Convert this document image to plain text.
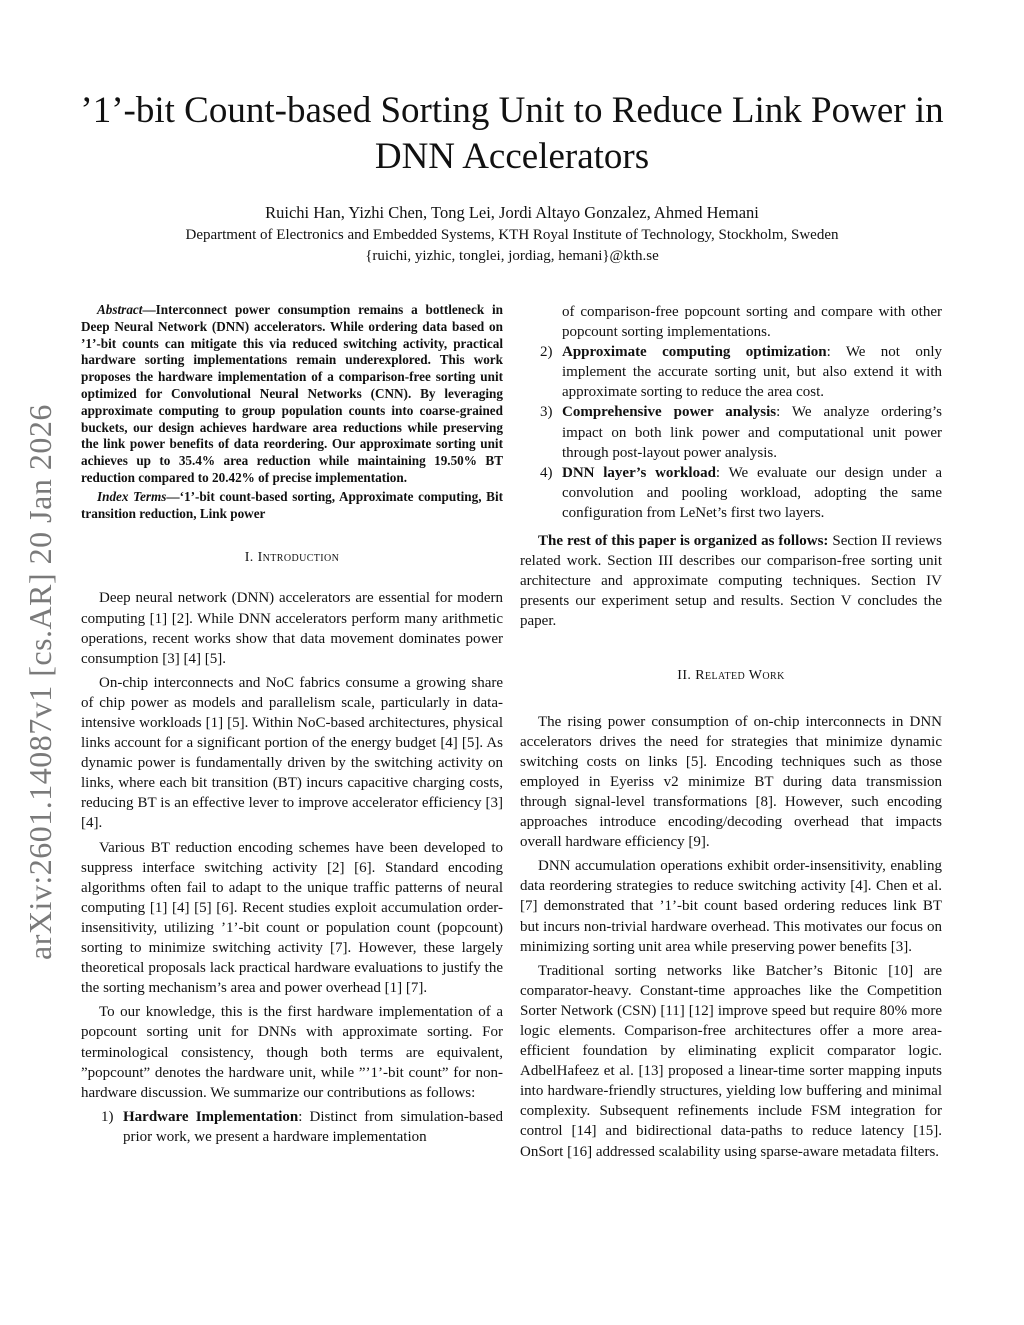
arXiv:2601.14087v1 [cs.AR] 20 Jan 2026
’1’-bit Count-based Sorting Unit to Reduce Link Power in DNN Accelerators
Ruichi Han, Yizhi Chen, Tong Lei, Jordi Altayo Gonzalez, Ahmed Hemani
Department of Electronics and Embedded Systems, KTH Royal Institute of Technology, Stockholm, Sweden
{ruichi, yizhic, tonglei, jordiag, hemani}@kth.se

Abstract—Interconnect power consumption remains a bottleneck in Deep Neural Network (DNN) accelerators. While ordering data based on ’1’-bit counts can mitigate this via reduced switching activity, practical hardware sorting implementations remain underexplored. This work proposes the hardware implementation of a comparison-free sorting unit optimized for Convolutional Neural Networks (CNN). By leveraging approximate computing to group population counts into coarse-grained buckets, our design achieves hardware area reductions while preserving the link power benefits of data reordering. Our approximate sorting unit achieves up to 35.4% area reduction while maintaining 19.50% BT reduction compared to 20.42% of precise implementation.

Index Terms—‘1’-bit count-based sorting, Approximate computing, Bit transition reduction, Link power

I. Introduction

Deep neural network (DNN) accelerators are essential for modern computing [1] [2]. While DNN accelerators perform many arithmetic operations, recent works show that data movement dominates power consumption [3] [4] [5].

On-chip interconnects and NoC fabrics consume a growing share of chip power as models and parallelism scale, particularly in data-intensive workloads [1] [5]. Within NoC-based architectures, physical links account for a significant portion of the energy budget [4] [5]. As dynamic power is fundamentally driven by the switching activity on links, where each bit transition (BT) incurs capacitive charging costs, reducing BT is an effective lever to improve accelerator efficiency [3] [4].

Various BT reduction encoding schemes have been developed to suppress interface switching activity [2] [6]. Standard encoding algorithms often fail to adapt to the unique traffic patterns of neural computing [1] [4] [5] [6]. Recent studies exploit accumulation order-insensitivity, utilizing ’1’-bit count or population count (popcount) sorting to minimize switching activity [7]. However, these largely theoretical proposals lack practical hardware evaluations to justify the the sorting mechanism’s area and power overhead [1] [7].

To our knowledge, this is the first hardware implementation of a popcount sorting unit for DNNs with approximate sorting. For terminological consistency, though both terms are equivalent, ”popcount” denotes the hardware unit, while ”’1’-bit count” for non-hardware discussion. We summarize our contributions as follows:

1) Hardware Implementation: Distinct from simulation-based prior work, we present a hardware implementation

of comparison-free popcount sorting and compare with other popcount sorting implementations.

2) Approximate computing optimization: We not only implement the accurate sorting unit, but also extend it with approximate sorting to reduce the area cost.
3) Comprehensive power analysis: We analyze ordering’s impact on both link power and computational unit power through post-layout power analysis.
4) DNN layer’s workload: We evaluate our design under a convolution and pooling workload, adopting the same configuration from LeNet’s first two layers.

The rest of this paper is organized as follows: Section II reviews related work. Section III describes our comparison-free sorting unit architecture and approximate computing techniques. Section IV presents our experiment setup and results. Section V concludes the paper.

II. Related Work

The rising power consumption of on-chip interconnects in DNN accelerators drives the need for strategies that minimize dynamic switching costs on links [5]. Encoding techniques such as those employed in Eyeriss v2 minimize BT during data transmission through signal-level transformations [8]. However, such encoding approaches introduce encoding/decoding overhead that impacts overall hardware efficiency [9].

DNN accumulation operations exhibit order-insensitivity, enabling data reordering strategies to reduce switching activity [4]. Chen et al. [7] demonstrated that ’1’-bit count based ordering reduces link BT but incurs non-trivial hardware overhead. This motivates our focus on minimizing sorting unit area while preserving power benefits [3].

Traditional sorting networks like Batcher’s Bitonic [10] are comparator-heavy. Constant-time approaches like the Competition Sorter Network (CSN) [11] [12] improve speed but require 80% more logic elements. Comparison-free architectures offer a more area-efficient foundation by eliminating explicit comparator logic. AdbelHafeez et al. [13] proposed a linear-time sorter mapping inputs into hardware-friendly structures, yielding low buffering and minimal complexity. Subsequent refinements include FSM integration for control [14] and bidirectional data-paths to reduce latency [15]. OnSort [16] addressed scalability using sparse-aware metadata filters.
